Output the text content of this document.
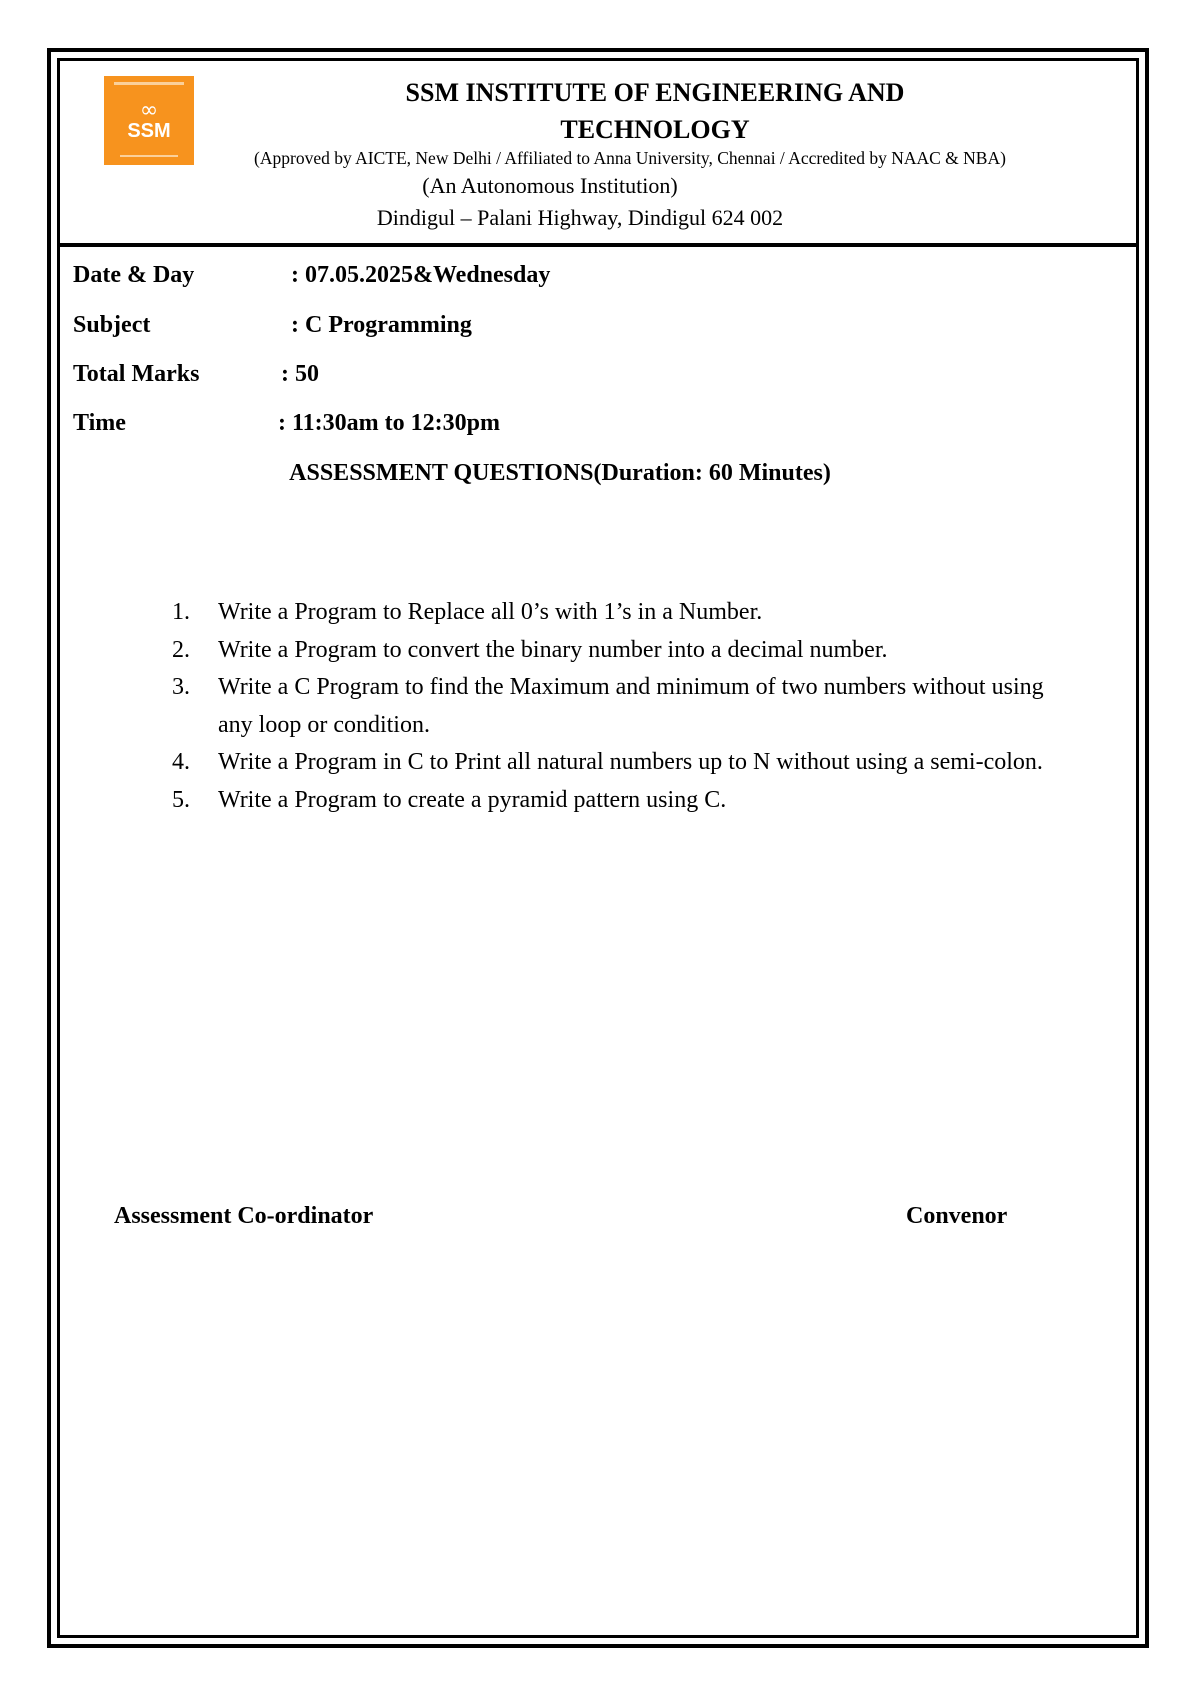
∞
SSM
SSM INSTITUTE OF ENGINEERING AND TECHNOLOGY
(Approved by AICTE, New Delhi / Affiliated to Anna University, Chennai / Accredited by NAAC & NBA)
(An Autonomous Institution)
Dindigul – Palani Highway, Dindigul 624 002
Date & Day	: 07.05.2025&Wednesday
Subject	: C Programming
Total Marks	: 50
Time	: 11:30am to 12:30pm
ASSESSMENT QUESTIONS(Duration: 60 Minutes)
1. Write a Program to Replace all 0’s with 1’s in a Number.
2. Write a Program to convert the binary number into a decimal number.
3. Write a C Program to find the Maximum and minimum of two numbers without using any loop or condition.
4. Write a Program in C to Print all natural numbers up to N without using a semi-colon.
5. Write a Program to create a pyramid pattern using C.
Assessment Co-ordinator	Convenor
